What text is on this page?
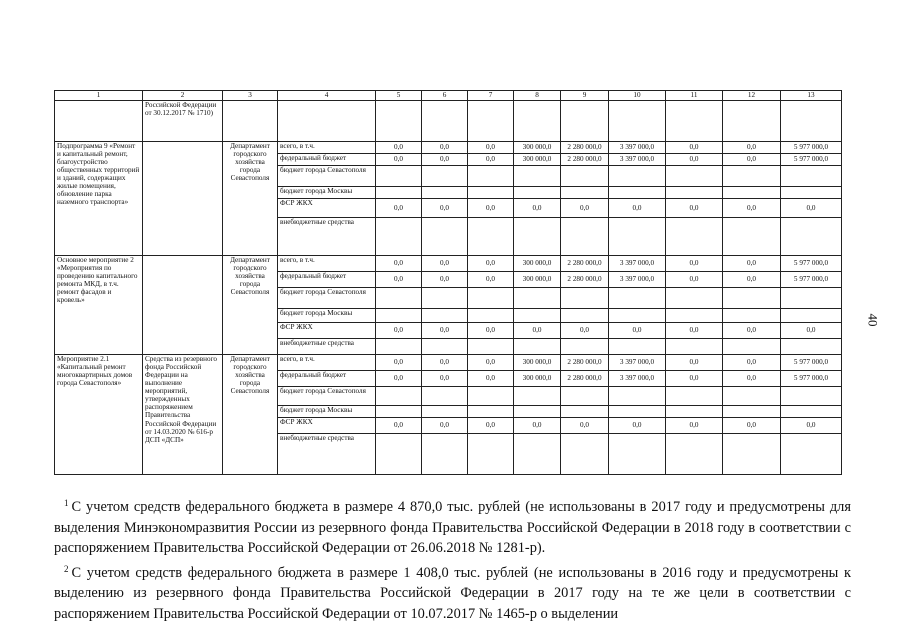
1	2	3	4	5	6	7	8	9	10	11	12	13
	Российской Федерации от 30.12.2017 № 1710)											
Подпрограмма 9 «Ремонт и капитальный ремонт, благоустройство общественных территорий и зданий, содержащих жилые помещения, обновление парка наземного транспорта»		Департамент городского хозяйства города Севастополя	всего, в т.ч.	0,0	0,0	0,0	300 000,0	2 280 000,0	3 397 000,0	0,0	0,0	5 977 000,0
			федеральный бюджет	0,0	0,0	0,0	300 000,0	2 280 000,0	3 397 000,0	0,0	0,0	5 977 000,0
			бюджет города Севастополя									
			бюджет города Москвы									
			ФСР ЖКХ	0,0	0,0	0,0	0,0	0,0	0,0	0,0	0,0	0,0
			внебюджетные средства									
Основное мероприятие 2 «Мероприятия по проведению капитального ремонта МКД, в т.ч. ремонт фасадов и кровель»		Департамент городского хозяйства города Севастополя	всего, в т.ч.	0,0	0,0	0,0	300 000,0	2 280 000,0	3 397 000,0	0,0	0,0	5 977 000,0
			федеральный бюджет	0,0	0,0	0,0	300 000,0	2 280 000,0	3 397 000,0	0,0	0,0	5 977 000,0
			бюджет города Севастополя									
			бюджет города Москвы									
			ФСР ЖКХ	0,0	0,0	0,0	0,0	0,0	0,0	0,0	0,0	0,0
			внебюджетные средства									
Мероприятие 2.1 «Капитальный ремонт многоквартирных домов города Севастополя»	Средства из резервного фонда Российской Федерации на выполнение мероприятий, утвержденных распоряжением Правительства Российской Федерации от 14.03.2020 № 616-р ДСП «ДСП»	Департамент городского хозяйства города Севастополя	всего, в т.ч.	0,0	0,0	0,0	300 000,0	2 280 000,0	3 397 000,0	0,0	0,0	5 977 000,0
			федеральный бюджет	0,0	0,0	0,0	300 000,0	2 280 000,0	3 397 000,0	0,0	0,0	5 977 000,0
			бюджет города Севастополя									
			бюджет города Москвы									
			ФСР ЖКХ	0,0	0,0	0,0	0,0	0,0	0,0	0,0	0,0	0,0
			внебюджетные средства									
40

$^1$ С учетом средств федерального бюджета в размере 4 870,0 тыс. рублей (не использованы в 2017 году и предусмотрены для выделения Минэкономразвития России из резервного фонда Правительства Российской Федерации в 2018 году в соответствии с распоряжением Правительства Российской Федерации от 26.06.2018 № 1281-р).

$^2$ С учетом средств федерального бюджета в размере 1 408,0 тыс. рублей (не использованы в 2016 году и предусмотрены к выделению из резервного фонда Правительства Российской Федерации в 2017 году на те же цели в соответствии с распоряжением Правительства Российской Федерации от 10.07.2017 № 1465-р о выделении
